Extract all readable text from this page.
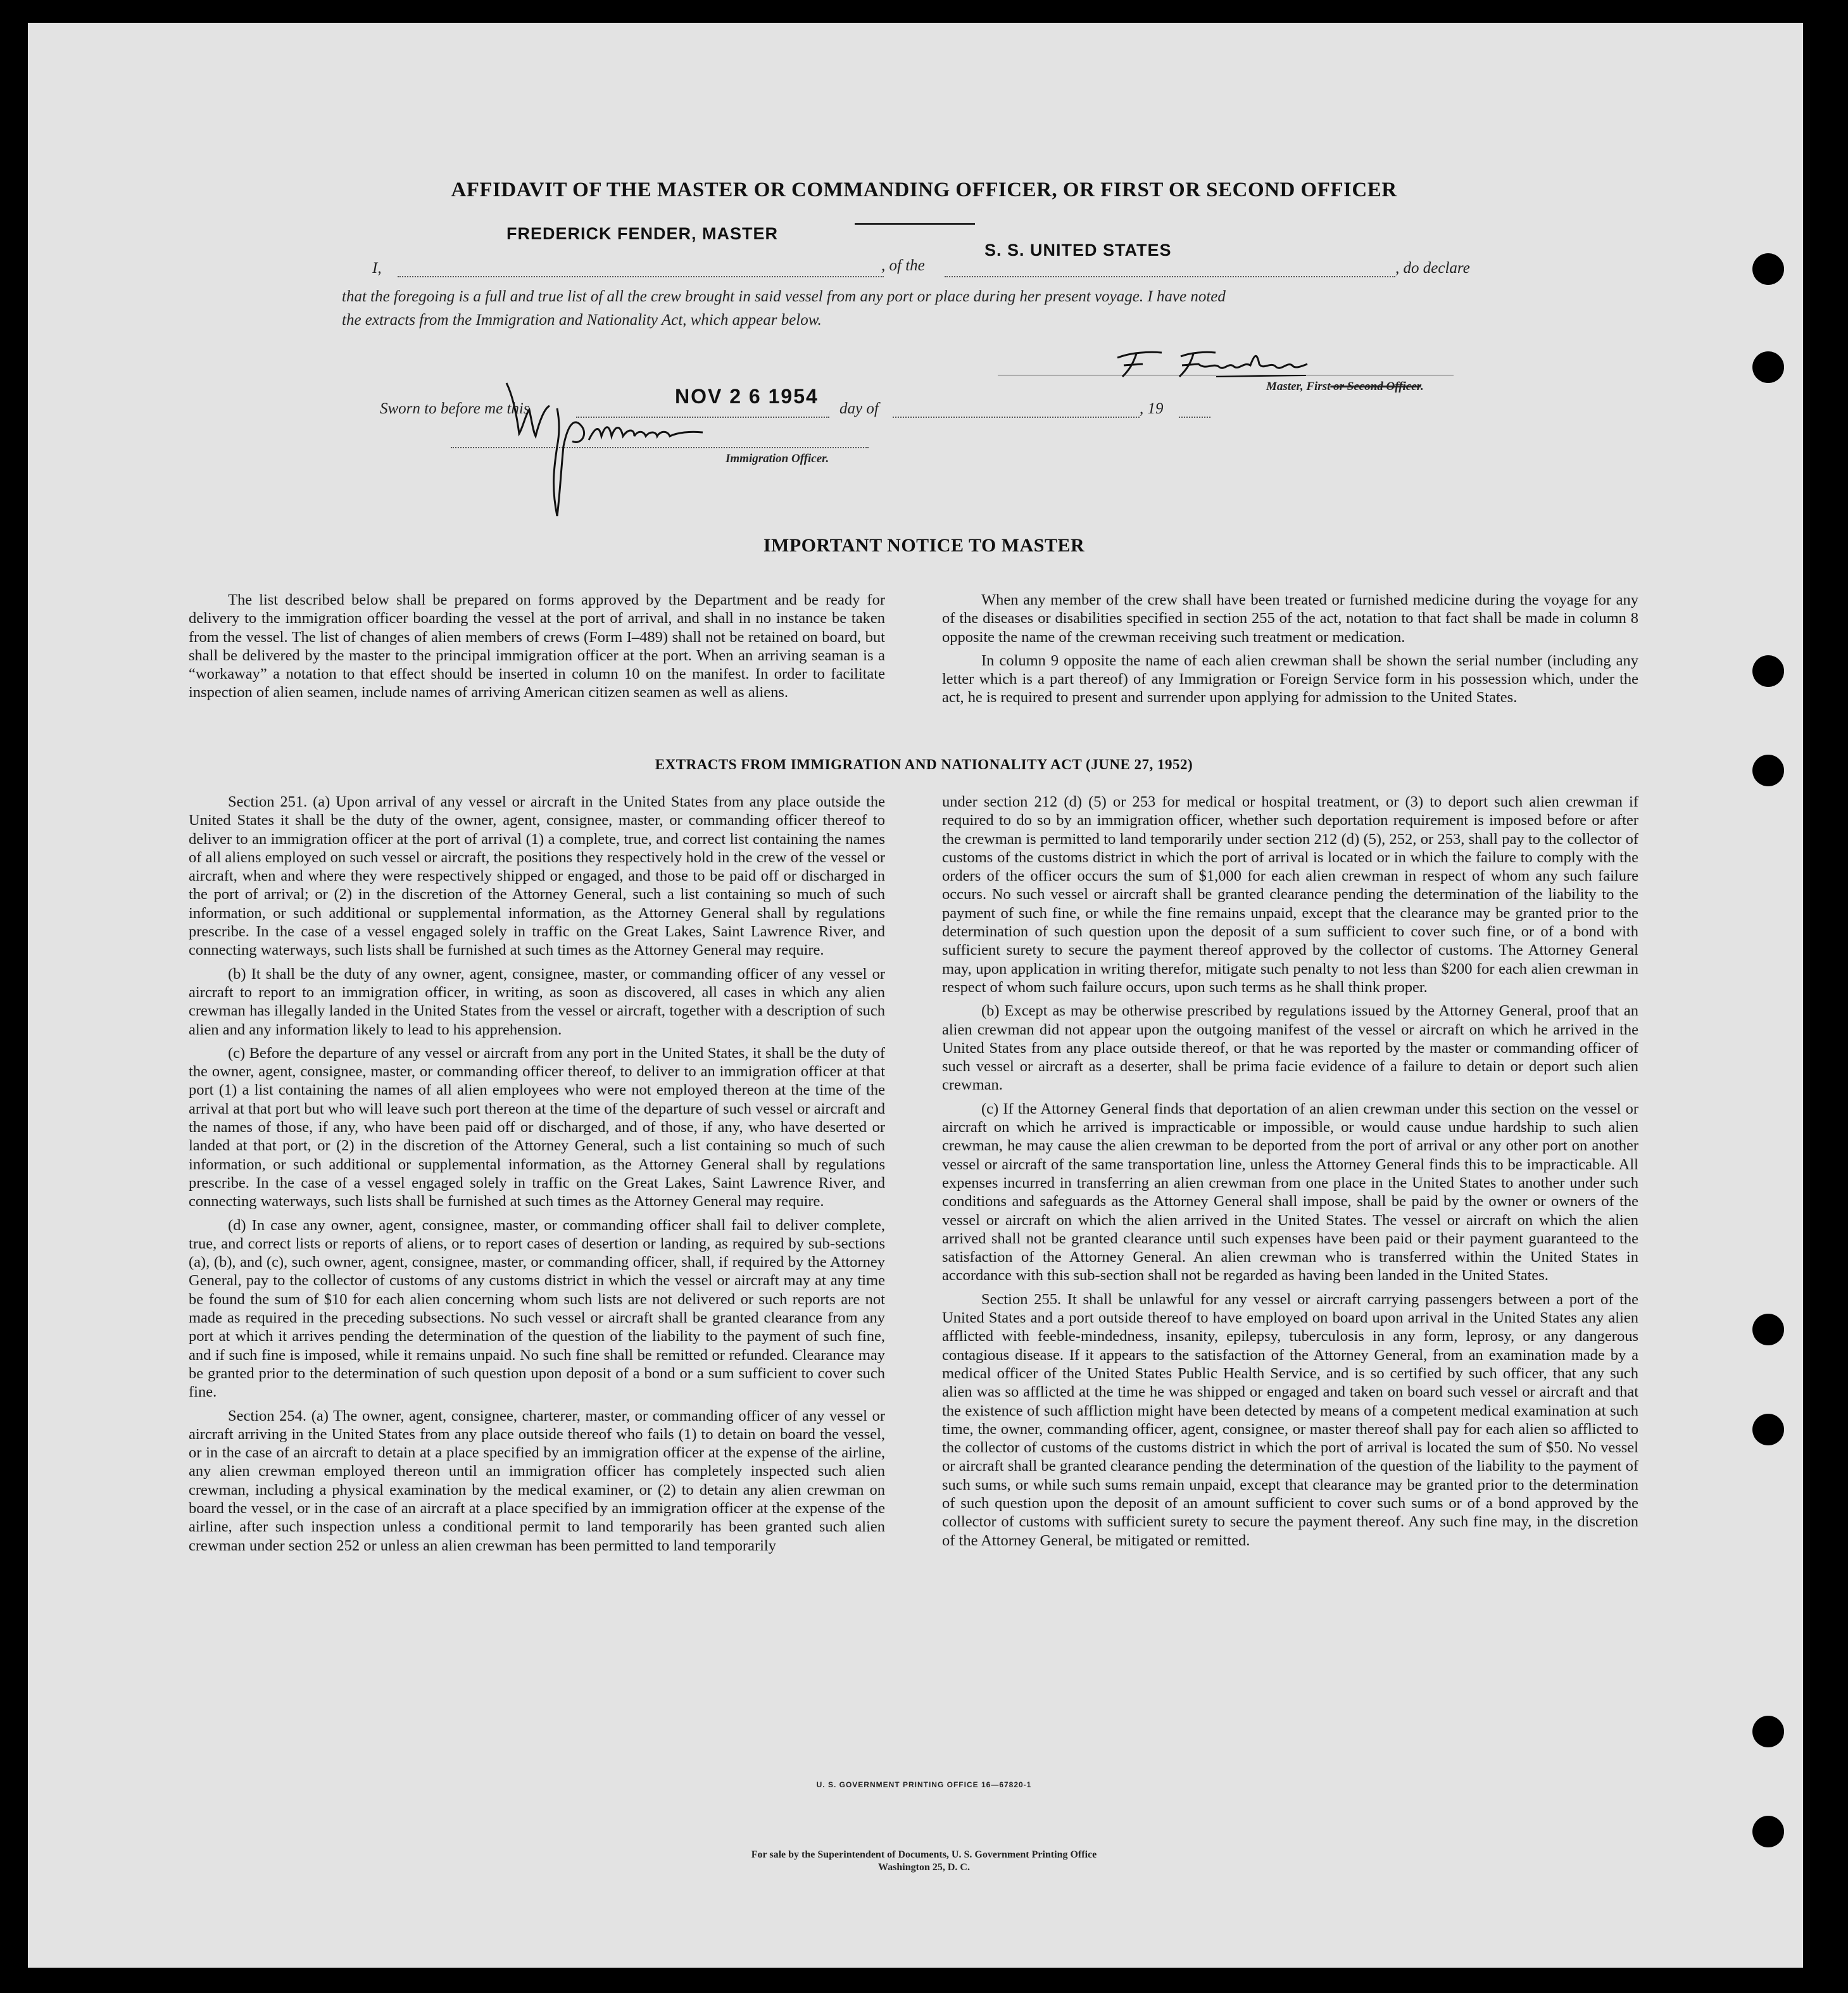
AFFIDAVIT OF THE MASTER OR COMMANDING OFFICER, OR FIRST OR SECOND OFFICER
I,
FREDERICK FENDER, MASTER
, of the
S. S. UNITED STATES
, do declare
that the foregoing is a full and true list of all the crew brought in said vessel from any port or place during her present voyage. I have noted
the extracts from the Immigration and Nationality Act, which appear below.
Master, First or Second Officer.
Sworn to before me this
NOV 2 6 1954
day of	, 19
Immigration Officer.
IMPORTANT NOTICE TO MASTER

The list described below shall be prepared on forms approved by the Department and be ready for delivery to the immigration officer boarding the vessel at the port of arrival, and shall in no instance be taken from the vessel. The list of changes of alien members of crews (Form I–489) shall not be retained on board, but shall be delivered by the master to the principal immigration officer at the port. When an arriving seaman is a “workaway” a notation to that effect should be inserted in column 10 on the manifest. In order to facilitate inspection of alien seamen, include names of arriving American citizen seamen as well as aliens.

When any member of the crew shall have been treated or furnished medicine during the voyage for any of the diseases or disabilities specified in section 255 of the act, notation to that fact shall be made in column 8 opposite the name of the crewman receiving such treatment or medication.

In column 9 opposite the name of each alien crewman shall be shown the serial number (including any letter which is a part thereof) of any Immigration or Foreign Service form in his possession which, under the act, he is required to present and surrender upon applying for admission to the United States.

EXTRACTS FROM IMMIGRATION AND NATIONALITY ACT (JUNE 27, 1952)

Section 251. (a) Upon arrival of any vessel or aircraft in the United States from any place outside the United States it shall be the duty of the owner, agent, consignee, master, or commanding officer thereof to deliver to an immigration officer at the port of arrival (1) a complete, true, and correct list containing the names of all aliens employed on such vessel or aircraft, the positions they respectively hold in the crew of the vessel or aircraft, when and where they were respectively shipped or engaged, and those to be paid off or discharged in the port of arrival; or (2) in the discretion of the Attorney General, such a list containing so much of such information, or such additional or supplemental information, as the Attorney General shall by regulations prescribe. In the case of a vessel engaged solely in traffic on the Great Lakes, Saint Lawrence River, and connecting waterways, such lists shall be furnished at such times as the Attorney General may require.

(b) It shall be the duty of any owner, agent, consignee, master, or commanding officer of any vessel or aircraft to report to an immigration officer, in writing, as soon as discovered, all cases in which any alien crewman has illegally landed in the United States from the vessel or aircraft, together with a description of such alien and any information likely to lead to his apprehension.

(c) Before the departure of any vessel or aircraft from any port in the United States, it shall be the duty of the owner, agent, consignee, master, or commanding officer thereof, to deliver to an immigration officer at that port (1) a list containing the names of all alien employees who were not employed thereon at the time of the arrival at that port but who will leave such port thereon at the time of the departure of such vessel or aircraft and the names of those, if any, who have been paid off or discharged, and of those, if any, who have deserted or landed at that port, or (2) in the discretion of the Attorney General, such a list containing so much of such information, or such additional or supplemental information, as the Attorney General shall by regulations prescribe. In the case of a vessel engaged solely in traffic on the Great Lakes, Saint Lawrence River, and connecting waterways, such lists shall be furnished at such times as the Attorney General may require.

(d) In case any owner, agent, consignee, master, or commanding officer shall fail to deliver complete, true, and correct lists or reports of aliens, or to report cases of desertion or landing, as required by sub-sections (a), (b), and (c), such owner, agent, consignee, master, or commanding officer, shall, if required by the Attorney General, pay to the collector of customs of any customs district in which the vessel or aircraft may at any time be found the sum of $10 for each alien concerning whom such lists are not delivered or such reports are not made as required in the preceding subsections. No such vessel or aircraft shall be granted clearance from any port at which it arrives pending the determination of the question of the liability to the payment of such fine, and if such fine is imposed, while it remains unpaid. No such fine shall be remitted or refunded. Clearance may be granted prior to the determination of such question upon deposit of a bond or a sum sufficient to cover such fine.

Section 254. (a) The owner, agent, consignee, charterer, master, or commanding officer of any vessel or aircraft arriving in the United States from any place outside thereof who fails (1) to detain on board the vessel, or in the case of an aircraft to detain at a place specified by an immigration officer at the expense of the airline, any alien crewman employed thereon until an immigration officer has completely inspected such alien crewman, including a physical examination by the medical examiner, or (2) to detain any alien crewman on board the vessel, or in the case of an aircraft at a place specified by an immigration officer at the expense of the airline, after such inspection unless a conditional permit to land temporarily has been granted such alien crewman under section 252 or unless an alien crewman has been permitted to land temporarily

under section 212 (d) (5) or 253 for medical or hospital treatment, or (3) to deport such alien crewman if required to do so by an immigration officer, whether such deportation requirement is imposed before or after the crewman is permitted to land temporarily under section 212 (d) (5), 252, or 253, shall pay to the collector of customs of the customs district in which the port of arrival is located or in which the failure to comply with the orders of the officer occurs the sum of $1,000 for each alien crewman in respect of whom any such failure occurs. No such vessel or aircraft shall be granted clearance pending the determination of the liability to the payment of such fine, or while the fine remains unpaid, except that the clearance may be granted prior to the determination of such question upon the deposit of a sum sufficient to cover such fine, or of a bond with sufficient surety to secure the payment thereof approved by the collector of customs. The Attorney General may, upon application in writing therefor, mitigate such penalty to not less than $200 for each alien crewman in respect of whom such failure occurs, upon such terms as he shall think proper.

(b) Except as may be otherwise prescribed by regulations issued by the Attorney General, proof that an alien crewman did not appear upon the outgoing manifest of the vessel or aircraft on which he arrived in the United States from any place outside thereof, or that he was reported by the master or commanding officer of such vessel or aircraft as a deserter, shall be prima facie evidence of a failure to detain or deport such alien crewman.

(c) If the Attorney General finds that deportation of an alien crewman under this section on the vessel or aircraft on which he arrived is impracticable or impossible, or would cause undue hardship to such alien crewman, he may cause the alien crewman to be deported from the port of arrival or any other port on another vessel or aircraft of the same transportation line, unless the Attorney General finds this to be impracticable. All expenses incurred in transferring an alien crewman from one place in the United States to another under such conditions and safeguards as the Attorney General shall impose, shall be paid by the owner or owners of the vessel or aircraft on which the alien arrived in the United States. The vessel or aircraft on which the alien arrived shall not be granted clearance until such expenses have been paid or their payment guaranteed to the satisfaction of the Attorney General. An alien crewman who is transferred within the United States in accordance with this sub-section shall not be regarded as having been landed in the United States.

Section 255. It shall be unlawful for any vessel or aircraft carrying passengers between a port of the United States and a port outside thereof to have employed on board upon arrival in the United States any alien afflicted with feeble-mindedness, insanity, epilepsy, tuberculosis in any form, leprosy, or any dangerous contagious disease. If it appears to the satisfaction of the Attorney General, from an examination made by a medical officer of the United States Public Health Service, and is so certified by such officer, that any such alien was so afflicted at the time he was shipped or engaged and taken on board such vessel or aircraft and that the existence of such affliction might have been detected by means of a competent medical examination at such time, the owner, commanding officer, agent, consignee, or master thereof shall pay for each alien so afflicted to the collector of customs of the customs district in which the port of arrival is located the sum of $50. No vessel or aircraft shall be granted clearance pending the determination of the question of the liability to the payment of such sums, or while such sums remain unpaid, except that clearance may be granted prior to the determination of such question upon the deposit of an amount sufficient to cover such sums or of a bond approved by the collector of customs with sufficient surety to secure the payment thereof. Any such fine may, in the discretion of the Attorney General, be mitigated or remitted.

U. S. GOVERNMENT PRINTING OFFICE 16—67820-1
For sale by the Superintendent of Documents, U. S. Government Printing Office
Washington 25, D. C.
